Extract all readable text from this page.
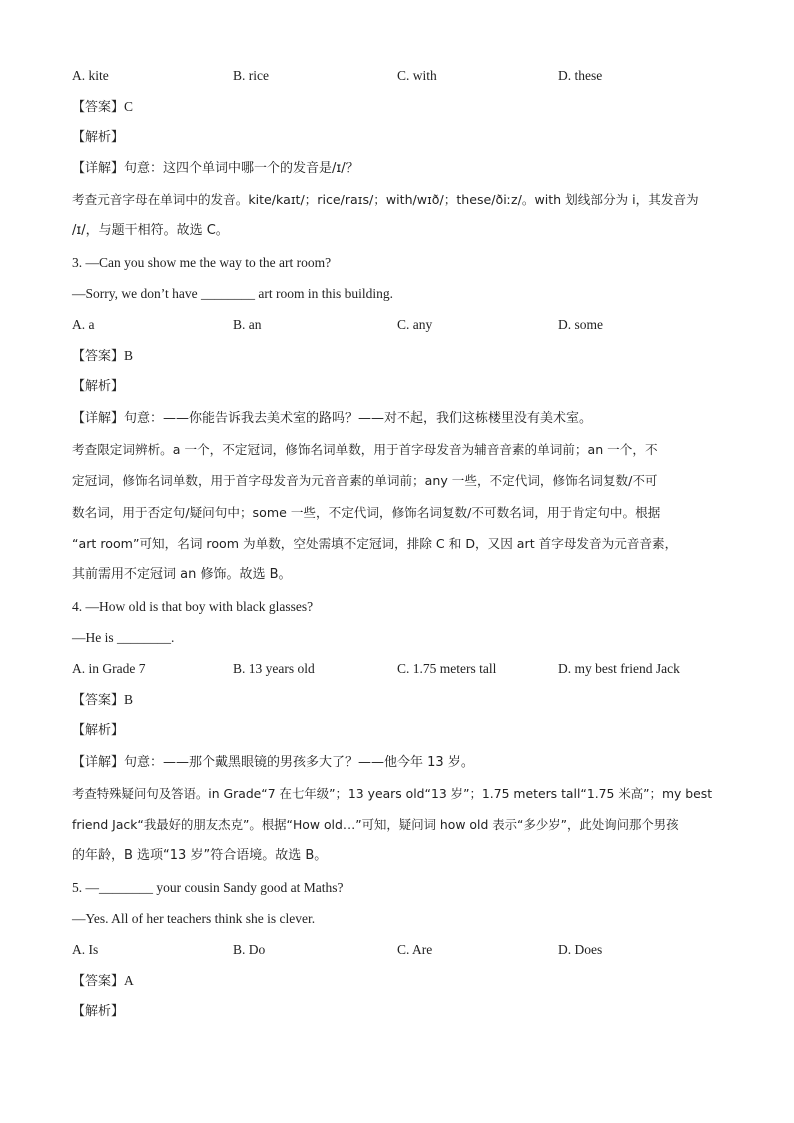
A. kite	B. rice	C. with	D. these
【答案】C
【解析】
【详解】句意：这四个单词中哪一个的发音是/ɪ/？
考查元音字母在单词中的发音。kite/kaɪt/；rice/raɪs/；with/wɪð/；these/ðiːz/。with 划线部分为 i，其发音为
/ɪ/，与题干相符。故选 C。
3. —Can you show me the way to the art room?
—Sorry, we don’t have ________ art room in this building.
A. a	B. an	C. any	D. some
【答案】B
【解析】
【详解】句意：——你能告诉我去美术室的路吗？——对不起，我们这栋楼里没有美术室。
考查限定词辨析。a 一个，不定冠词，修饰名词单数，用于首字母发音为辅音音素的单词前；an 一个，不
定冠词，修饰名词单数，用于首字母发音为元音音素的单词前；any 一些，不定代词，修饰名词复数/不可
数名词，用于否定句/疑问句中；some 一些，不定代词，修饰名词复数/不可数名词，用于肯定句中。根据
“art room”可知，名词 room 为单数，空处需填不定冠词，排除 C 和 D，又因 art 首字母发音为元音音素，
其前需用不定冠词 an 修饰。故选 B。
4. —How old is that boy with black glasses?
—He is ________.
A. in Grade 7	B. 13 years old	C. 1.75 meters tall	D. my best friend Jack
【答案】B
【解析】
【详解】句意：——那个戴黑眼镜的男孩多大了？——他今年 13 岁。
考查特殊疑问句及答语。in Grade“7 在七年级”；13 years old“13 岁”；1.75 meters tall“1.75 米高”；my best
friend Jack“我最好的朋友杰克”。根据“How old…”可知，疑问词 how old 表示“多少岁”，此处询问那个男孩
的年龄，B 选项“13 岁”符合语境。故选 B。
5. —________ your cousin Sandy good at Maths?
—Yes. All of her teachers think she is clever.
A. Is	B. Do	C. Are	D. Does
【答案】A
【解析】
